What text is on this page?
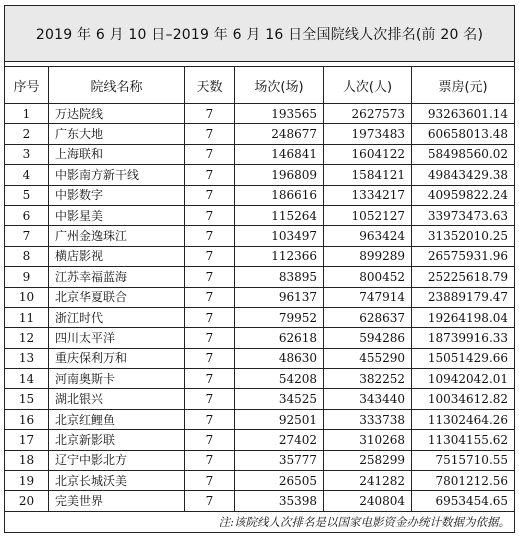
2019 年 6 月 10 日–2019 年 6 月 16 日全国院线人次排名(前 20 名)					

序号	院线名称	天数	场次(场)	人次(人)	票房(元)
1	万达院线	7	193565	2627573	93263601.14
2	广东大地	7	248677	1973483	60658013.48
3	上海联和	7	146841	1604122	58498560.02
4	中影南方新干线	7	196809	1584121	49843429.38
5	中影数字	7	186616	1334217	40959822.24
6	中影星美	7	115264	1052127	33973473.63
7	广州金逸珠江	7	103497	963424	31352010.25
8	横店影视	7	112366	899289	26575931.96
9	江苏幸福蓝海	7	83895	800452	25225618.79
10	北京华夏联合	7	96137	747914	23889179.47
11	浙江时代	7	79952	628637	19264198.04
12	四川太平洋	7	62618	594286	18739916.33
13	重庆保利万和	7	48630	455290	15051429.66
14	河南奥斯卡	7	54208	382252	10942042.01
15	湖北银兴	7	34525	343440	10034612.82
16	北京红鲤鱼	7	92501	333738	11302464.26
17	北京新影联	7	27402	310268	11304155.62
18	辽宁中影北方	7	35777	258299	7515710.55
19	北京长城沃美	7	26505	241282	7801212.56
20	完美世界	7	35398	240804	6953454.65
注:该院线人次排名是以国家电影资金办统计数据为依据。					
